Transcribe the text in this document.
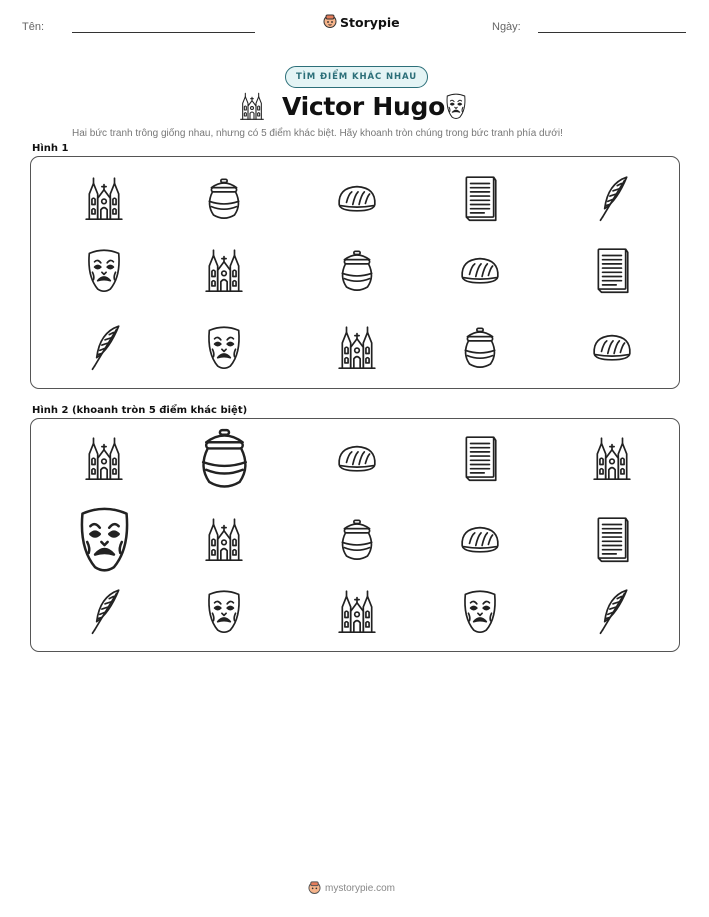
Tên:	Storypie	Ngày:
TÌM ĐIỂM KHÁC NHAU
Victor Hugo
Hai bức tranh trông giống nhau, nhưng có 5 điểm khác biệt. Hãy khoanh tròn chúng trong bức tranh phía dưới!
Hình 1
Hình 2 (khoanh tròn 5 điểm khác biệt)
mystorypie.com
